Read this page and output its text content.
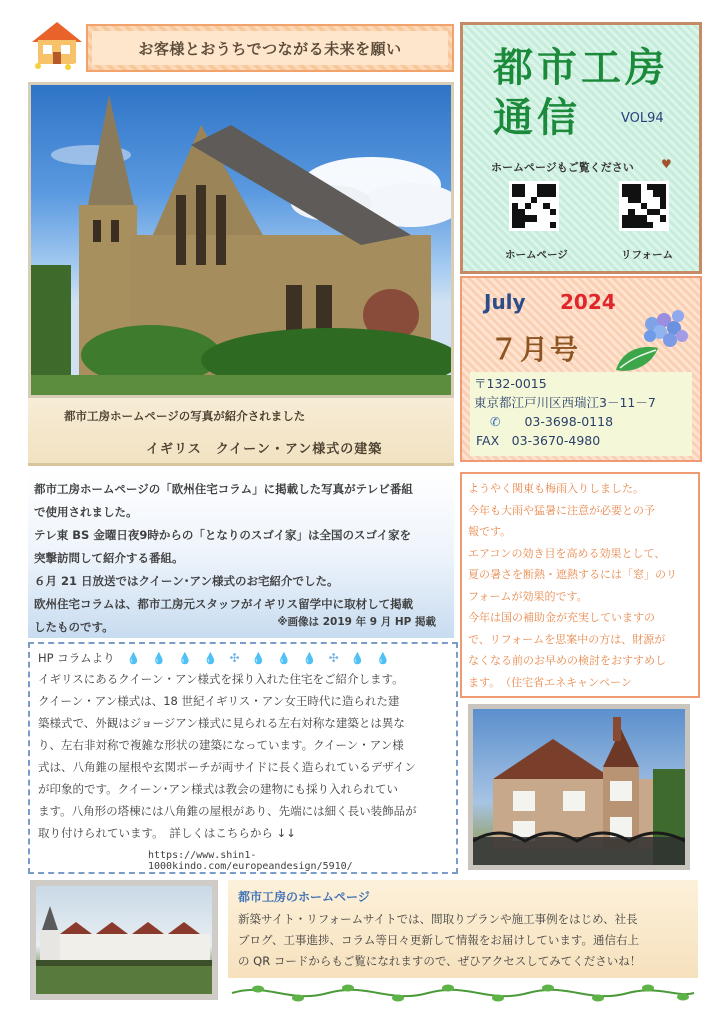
お客様とおうちでつながる未来を願い
都市工房ホームページの写真が紹介されました
イギリス　クイーン・アン様式の建築

都市工房ホームページの「欧州住宅コラム」に掲載した写真がテレビ番組

で使用されました。

テレ東 BS 金曜日夜9時からの「となりのスゴイ家」は全国のスゴイ家を

突撃訪問して紹介する番組。

６月 21 日放送ではクイーン･アン様式のお宅紹介でした。

欧州住宅コラムは、都市工房元スタッフがイギリス留学中に取材して掲載

したものです。	※画像は 2019 年 9 月 HP 掲載
HP コラムより 💧 💧 💧 💧 ✣ 💧 💧 💧 ✣ 💧 💧
イギリスにあるクイーン・アン様式を採り入れた住宅をご紹介します。
クイーン・アン様式は、18 世紀イギリス・アン女王時代に造られた建
築様式で、外観はジョージアン様式に見られる左右対称な建築とは異な
り、左右非対称で複雑な形状の建築になっています。クイーン・アン様
式は、八角錐の屋根や玄関ポーチが両サイドに長く造られているデザイン
が印象的です。クイーン･アン様式は教会の建物にも採り入れられてい
ます。八角形の塔棟には八角錐の屋根があり、先端には細く長い装飾品が
取り付けられています。　詳しくはこちらから ↓↓
https://www.shin1-1000kindo.com/europeandesign/5910/
都市工房
通信	VOL94
ホームページもご覧ください ♥
ホームページ	リフォーム
July 2024
７月号
〒132-0015
東京都江戸川区西瑞江3－11－7
✆ 03-3698-0118
FAX　03-3670-4980

ようやく関東も梅雨入りしました。

今年も大雨や猛暑に注意が必要との予

報です。

エアコンの効き目を高める効果として、

夏の暑さを断熱・遮熱するには「窓」のリ

フォームが効果的です。

今年は国の補助金が充実していますの

で、リフォームを思案中の方は、財源が

なくなる前のお早めの検討をおすすめし

ます。　（住宅省エネキャンペーン

都市工房のホームページ
新築サイト・リフォームサイトでは、間取りプランや施工事例をはじめ、社長
ブログ、工事進捗、コラム等日々更新して情報をお届けしています。通信右上
の QR コードからもご覧になれますので、ぜひアクセスしてみてくださいね！
